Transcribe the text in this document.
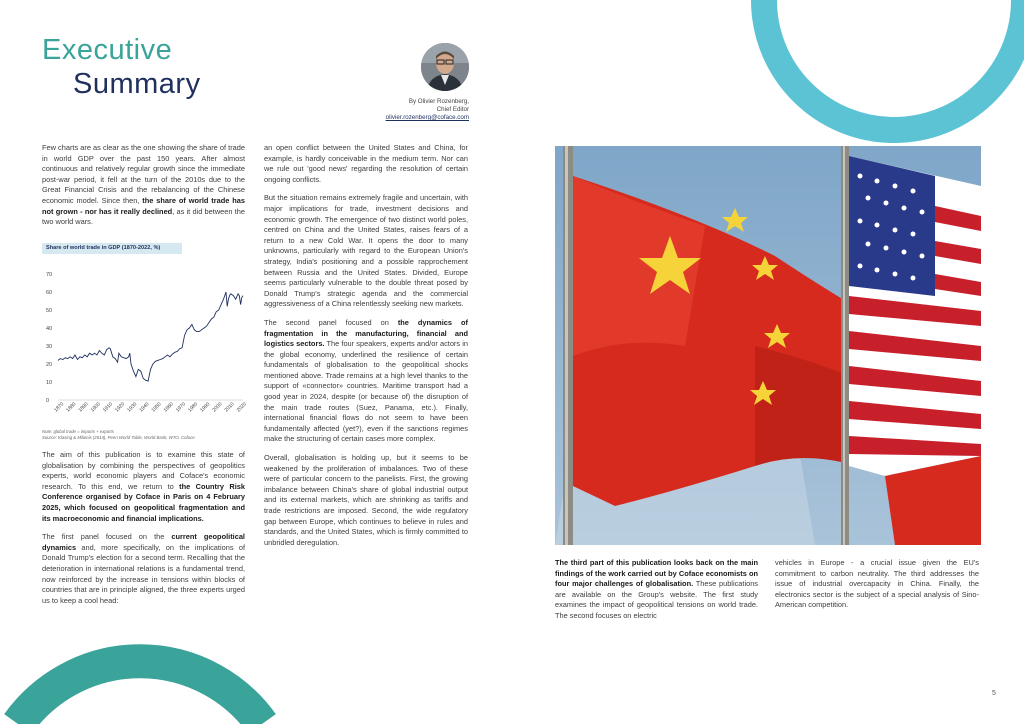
Executive
Summary
By Olivier Rozenberg,
Chief Editor
olivier.rozenberg@coface.com

Few charts are as clear as the one showing the share of trade in world GDP over the past 150 years. After almost continuous and relatively regular growth since the immediate post-war period, it fell at the turn of the 2010s due to the Great Financial Crisis and the rebalancing of the Chinese economic model. Since then, the share of world trade has not grown - nor has it really declined, as it did between the two world wars.

Share of world trade in GDP (1870-2022, %)
0
10
20
30
40
50
60
70
1870 1880 1890 1900 1910 1920 1930 1940 1950 1960 1970 1980 1990 2000 2010 2020
Note: global trade = imports + exports
Source: Klasing & Milionis (2014), Penn World Table, World Bank, WTO, Coface

The aim of this publication is to examine this state of globalisation by combining the perspectives of geopolitics experts, world economic players and Coface's economic research. To this end, we return to the Country Risk Conference organised by Coface in Paris on 4 February 2025, which focused on geopolitical fragmentation and its macroeconomic and financial implications.

The first panel focused on the current geopolitical dynamics and, more specifically, on the implications of Donald Trump's election for a second term. Recalling that the deterioration in international relations is a fundamental trend, now reinforced by the increase in tensions within blocks of countries that are in principle aligned, the three experts urged us to keep a cool head:

an open conflict between the United States and China, for example, is hardly conceivable in the medium term. Nor can we rule out 'good news' regarding the resolution of certain ongoing conflicts.

But the situation remains extremely fragile and uncertain, with major implications for trade, investment decisions and economic growth. The emergence of two distinct world poles, centred on China and the United States, raises fears of a return to a new Cold War. It opens the door to many unknowns, particularly with regard to the European Union's strategy, India's positioning and a possible rapprochement between Russia and the United States. Divided, Europe seems particularly vulnerable to the double threat posed by Donald Trump's strategic agenda and the commercial aggressiveness of a China relentlessly seeking new markets.

The second panel focused on the dynamics of fragmentation in the manufacturing, financial and logistics sectors. The four speakers, experts and/or actors in the global economy, underlined the resilience of certain fundamentals of globalisation to the geopolitical shocks mentioned above. Trade remains at a high level thanks to the support of «connector» countries. Maritime transport had a good year in 2024, despite (or because of) the disruption of the main trade routes (Suez, Panama, etc.). Finally, international financial flows do not seem to have been fundamentally affected (yet?), even if the sanctions regimes make the structuring of certain cases more complex.

Overall, globalisation is holding up, but it seems to be weakened by the proliferation of imbalances. Two of these were of particular concern to the panelists. First, the growing imbalance between China's share of global industrial output and its external markets, which are shrinking as tariffs and trade restrictions are imposed. Second, the wide regulatory gap between Europe, which continues to believe in rules and standards, and the United States, which is firmly committed to unbridled deregulation.

The third part of this publication looks back on the main findings of the work carried out by Coface economists on four major challenges of globalisation. These publications are available on the Group's website. The first study examines the impact of geopolitical tensions on world trade. The second focuses on electric

vehicles in Europe - a crucial issue given the EU's commitment to carbon neutrality. The third addresses the issue of industrial overcapacity in China. Finally, the electronics sector is the subject of a special analysis of Sino-American competition.

5
